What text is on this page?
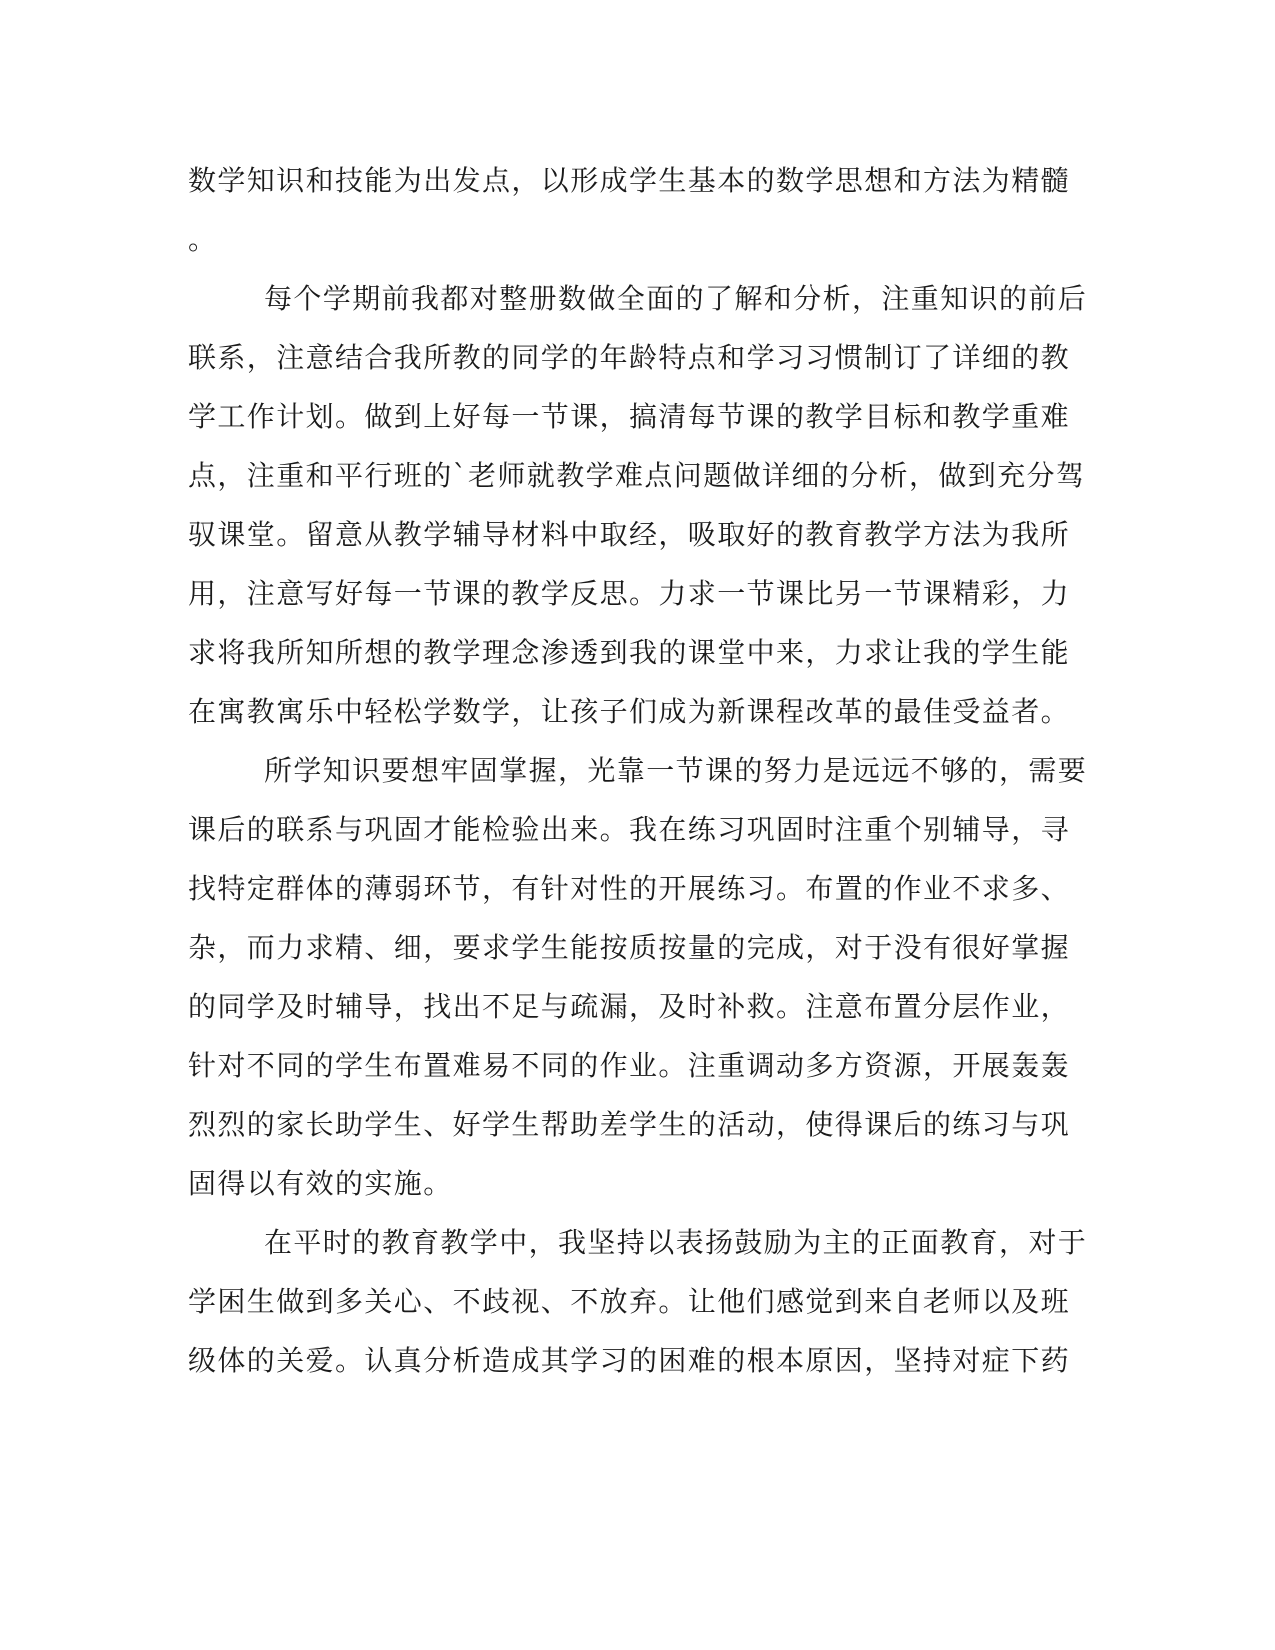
数学知识和技能为出发点，以形成学生基本的数学思想和方法为精髓
。
每个学期前我都对整册数做全面的了解和分析，注重知识的前后
联系，注意结合我所教的同学的年龄特点和学习习惯制订了详细的教
学工作计划。做到上好每一节课，搞清每节课的教学目标和教学重难
点，注重和平行班的`老师就教学难点问题做详细的分析，做到充分驾
驭课堂。留意从教学辅导材料中取经，吸取好的教育教学方法为我所
用，注意写好每一节课的教学反思。力求一节课比另一节课精彩，力
求将我所知所想的教学理念渗透到我的课堂中来，力求让我的学生能
在寓教寓乐中轻松学数学，让孩子们成为新课程改革的最佳受益者。
所学知识要想牢固掌握，光靠一节课的努力是远远不够的，需要
课后的联系与巩固才能检验出来。我在练习巩固时注重个别辅导，寻
找特定群体的薄弱环节，有针对性的开展练习。布置的作业不求多、
杂，而力求精、细，要求学生能按质按量的完成，对于没有很好掌握
的同学及时辅导，找出不足与疏漏，及时补救。注意布置分层作业，
针对不同的学生布置难易不同的作业。注重调动多方资源，开展轰轰
烈烈的家长助学生、好学生帮助差学生的活动，使得课后的练习与巩
固得以有效的实施。
在平时的教育教学中，我坚持以表扬鼓励为主的正面教育，对于
学困生做到多关心、不歧视、不放弃。让他们感觉到来自老师以及班
级体的关爱。认真分析造成其学习的困难的根本原因，坚持对症下药
